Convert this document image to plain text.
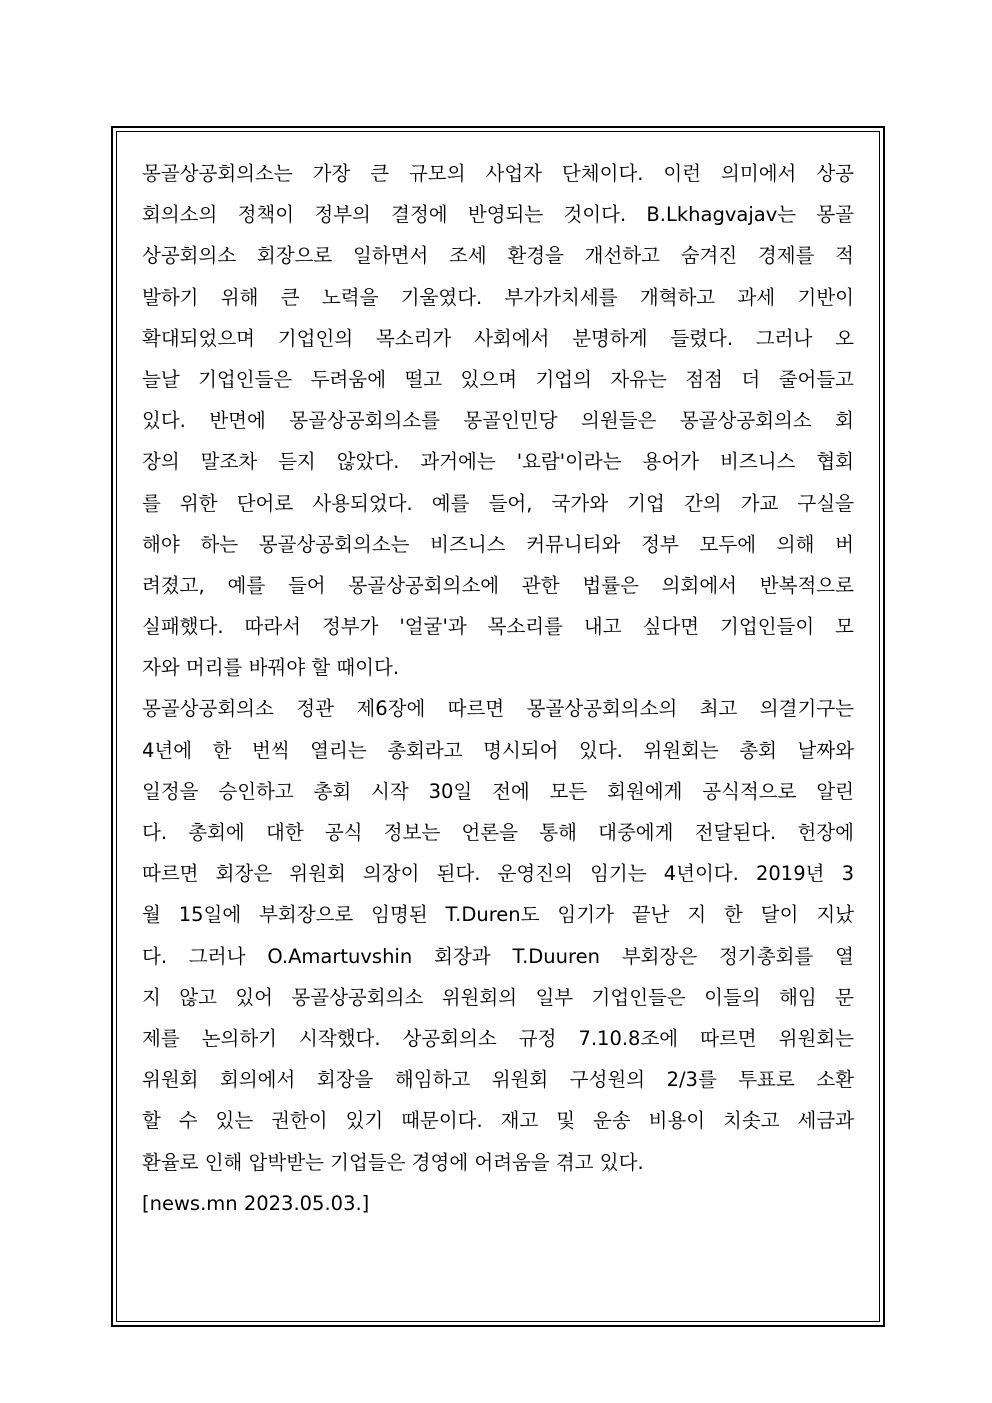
몽골상공회의소는 가장 큰 규모의 사업자 단체이다. 이런 의미에서 상공
회의소의 정책이 정부의 결정에 반영되는 것이다. B.Lkhagvajav는 몽골
상공회의소 회장으로 일하면서 조세 환경을 개선하고 숨겨진 경제를 적
발하기 위해 큰 노력을 기울였다. 부가가치세를 개혁하고 과세 기반이
확대되었으며 기업인의 목소리가 사회에서 분명하게 들렸다. 그러나 오
늘날 기업인들은 두려움에 떨고 있으며 기업의 자유는 점점 더 줄어들고
있다. 반면에 몽골상공회의소를 몽골인민당 의원들은 몽골상공회의소 회
장의 말조차 듣지 않았다. 과거에는 '요람'이라는 용어가 비즈니스 협회
를 위한 단어로 사용되었다. 예를 들어, 국가와 기업 간의 가교 구실을
해야 하는 몽골상공회의소는 비즈니스 커뮤니티와 정부 모두에 의해 버
려졌고, 예를 들어 몽골상공회의소에 관한 법률은 의회에서 반복적으로
실패했다. 따라서 정부가 '얼굴'과 목소리를 내고 싶다면 기업인들이 모
자와 머리를 바꿔야 할 때이다.
몽골상공회의소 정관 제6장에 따르면 몽골상공회의소의 최고 의결기구는
4년에 한 번씩 열리는 총회라고 명시되어 있다. 위원회는 총회 날짜와
일정을 승인하고 총회 시작 30일 전에 모든 회원에게 공식적으로 알린
다. 총회에 대한 공식 정보는 언론을 통해 대중에게 전달된다. 헌장에
따르면 회장은 위원회 의장이 된다. 운영진의 임기는 4년이다. 2019년 3
월 15일에 부회장으로 임명된 T.Duren도 임기가 끝난 지 한 달이 지났
다. 그러나 O.Amartuvshin 회장과 T.Duuren 부회장은 정기총회를 열
지 않고 있어 몽골상공회의소 위원회의 일부 기업인들은 이들의 해임 문
제를 논의하기 시작했다. 상공회의소 규정 7.10.8조에 따르면 위원회는
위원회 회의에서 회장을 해임하고 위원회 구성원의 2/3를 투표로 소환
할 수 있는 권한이 있기 때문이다. 재고 및 운송 비용이 치솟고 세금과
환율로 인해 압박받는 기업들은 경영에 어려움을 겪고 있다.
[news.mn 2023.05.03.]
